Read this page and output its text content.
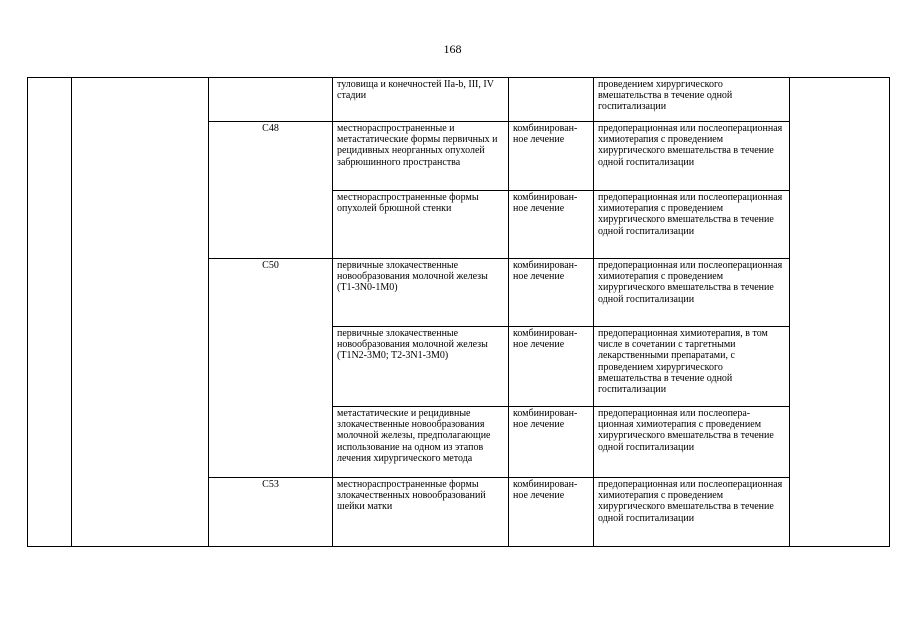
168
			туловища и конечностей IIa-b, III, IV стадии		проведением хирургического вмешательства в течение одной госпитализации	
		C48	местнораспространенные и метастатические формы первичных и рецидивных неорганных опухолей забрюшинного пространства	комбинирован-ное лечение	предоперационная или послеоперационная химиотерапия с проведением хирургического вмешательства в течение одной госпитализации	
			местнораспространенные формы опухолей брюшной стенки	комбинирован-ное лечение	предоперационная или послеоперационная химиотерапия с проведением хирургического вмешательства в течение одной госпитализации	
		C50	первичные злокачественные новообразования молочной железы (T1-3N0-1M0)	комбинирован-ное лечение	предоперационная или послеоперационная химиотерапия с проведением хирургического вмешательства в течение одной госпитализации	
			первичные злокачественные новообразования молочной железы (T1N2-3M0; T2-3N1-3M0)	комбинирован-ное лечение	предоперационная химиотерапия, в том числе в сочетании с таргетными лекарственными препаратами, с проведением хирургического вмешательства в течение одной госпитализации	
			метастатические и рецидивные злокачественные новообразования молочной железы, предполагающие использование на одном из этапов лечения хирургического метода	комбинирован-ное лечение	предоперационная или послеопера-ционная химиотерапия с проведением хирургического вмешательства в течение одной госпитализации	
		C53	местнораспространенные формы злокачественных новообразований шейки матки	комбинирован-ное лечение	предоперационная или послеоперационная химиотерапия с проведением хирургического вмешательства в течение одной госпитализации	
